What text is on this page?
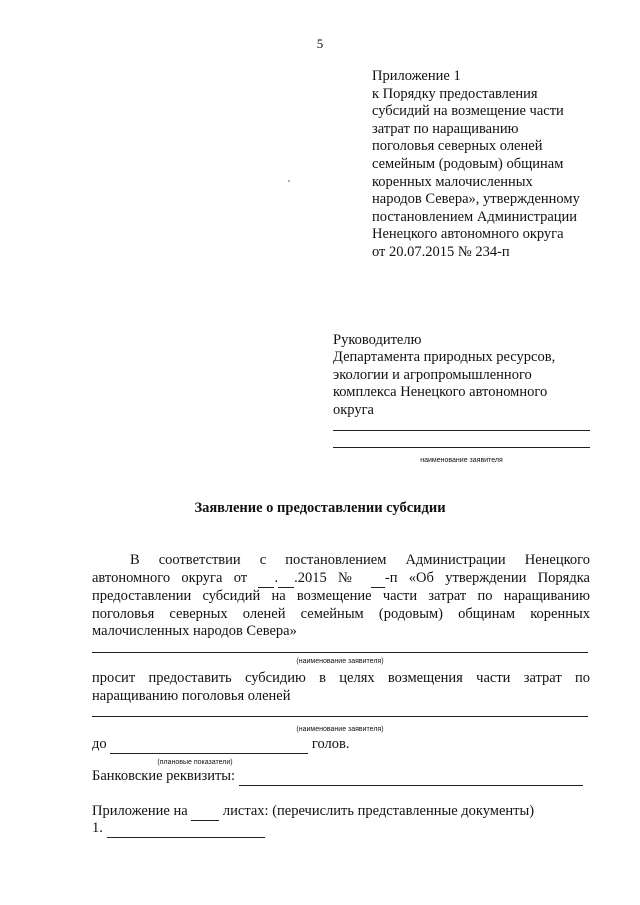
5
Приложение 1
к Порядку предоставления
субсидий на возмещение части
затрат по наращиванию
поголовья северных оленей
семейным (родовым) общинам
коренных малочисленных
народов Севера», утвержденному
постановлением Администрации
Ненецкого автономного округа
от 20.07.2015 № 234-п
Руководителю
Департамента природных ресурсов,
экологии и агропромышленного
комплекса Ненецкого автономного
округа
наименование заявителя
Заявление о предоставлении субсидии
В соответствии с постановлением Администрации Ненецкого автономного округа от  . .2015 №  -п «Об утверждении Порядка предоставлении субсидий на возмещение части затрат по наращиванию поголовья северных оленей семейным (родовым) общинам коренных малочисленных народов Севера»
(наименование заявителя)
просит предоставить субсидию в целях возмещения части затрат по наращиванию поголовья оленей
(наименование заявителя)
до	голов.
(плановые показатели)
Банковские реквизиты:
Приложение на листах: (перечислить представленные документы)
1.
